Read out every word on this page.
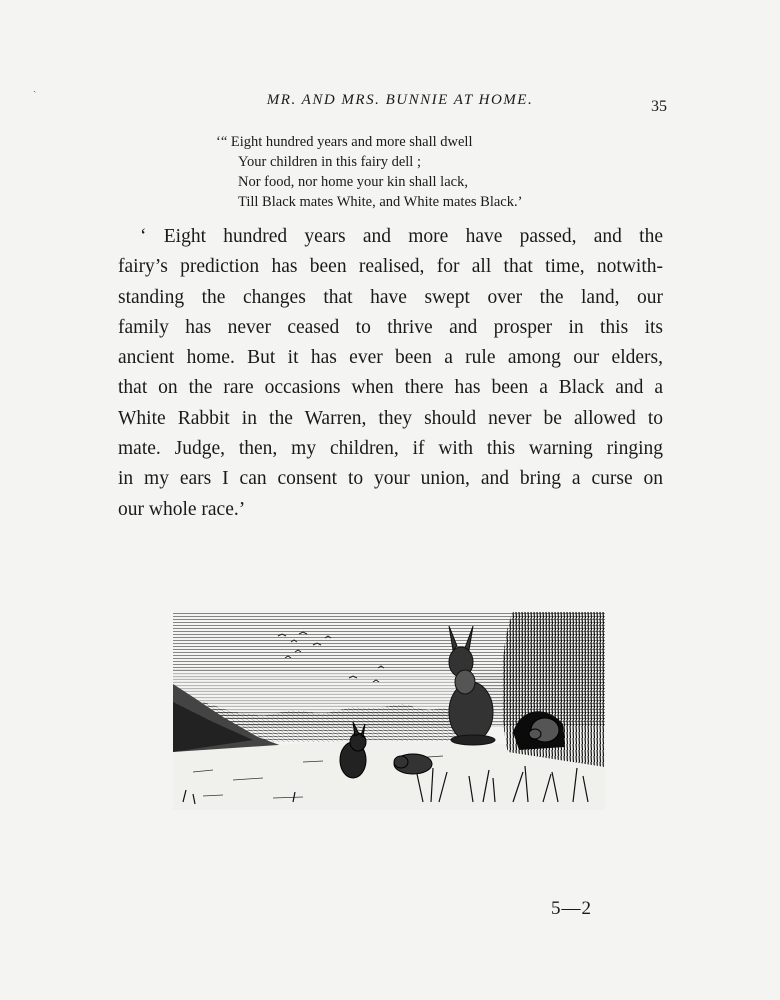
ˎ
MR. AND MRS. BUNNIE AT HOME.	35
‘“ Eight hundred years and more shall dwell
Your children in this fairy dell ;
Nor food, nor home your kin shall lack,
Till Black mates White, and White mates Black.’
‘ Eight hundred years and more have passed, and the
fairy’s prediction has been realised, for all that time, notwith-
standing the changes that have swept over the land, our
family has never ceased to thrive and prosper in this its
ancient home. But it has ever been a rule among our elders,
that on the rare occasions when there has been a Black and a
White Rabbit in the Warren, they should never be allowed to
mate. Judge, then, my children, if with this warning ringing
in my ears I can consent to your union, and bring a curse on
our whole race.’
5—2
